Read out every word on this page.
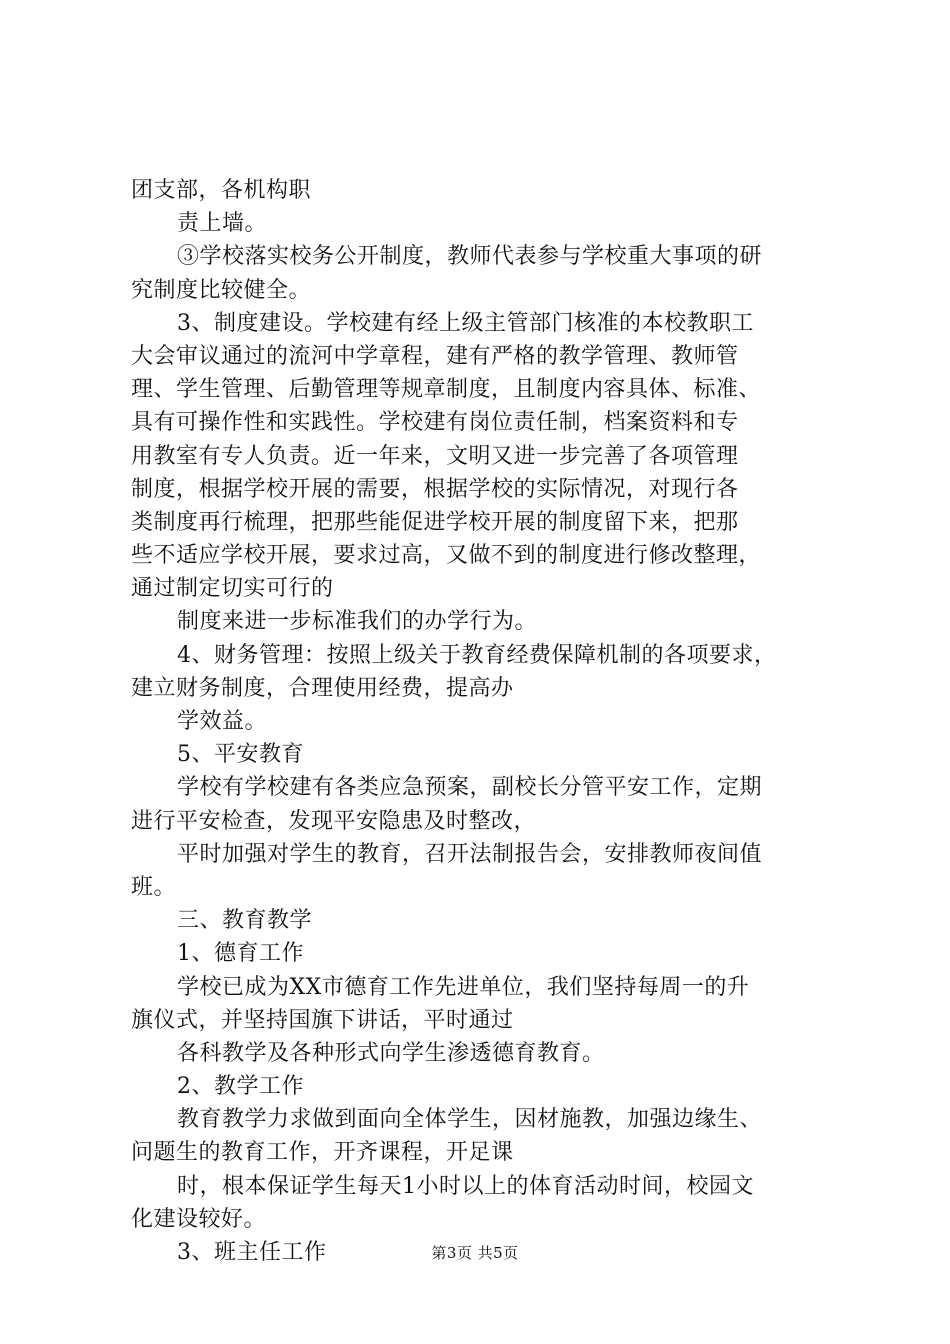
团支部，各机构职
责上墙。
③学校落实校务公开制度，教师代表参与学校重大事项的研
究制度比较健全。
3、制度建设。学校建有经上级主管部门核准的本校教职工
大会审议通过的流河中学章程，建有严格的教学管理、教师管
理、学生管理、后勤管理等规章制度，且制度内容具体、标准、
具有可操作性和实践性。学校建有岗位责任制，档案资料和专
用教室有专人负责。近一年来，文明又进一步完善了各项管理
制度，根据学校开展的需要，根据学校的实际情况，对现行各
类制度再行梳理，把那些能促进学校开展的制度留下来，把那
些不适应学校开展，要求过高，又做不到的制度进行修改整理，
通过制定切实可行的
制度来进一步标准我们的办学行为。
4、财务管理：按照上级关于教育经费保障机制的各项要求，
建立财务制度，合理使用经费，提高办
学效益。
5、平安教育
学校有学校建有各类应急预案，副校长分管平安工作，定期
进行平安检查，发现平安隐患及时整改，
平时加强对学生的教育，召开法制报告会，安排教师夜间值
班。
三、教育教学
1、德育工作
学校已成为XX市德育工作先进单位，我们坚持每周一的升
旗仪式，并坚持国旗下讲话，平时通过
各科教学及各种形式向学生渗透德育教育。
2、教学工作
教育教学力求做到面向全体学生，因材施教，加强边缘生、
问题生的教育工作，开齐课程，开足课
时，根本保证学生每天1小时以上的体育活动时间，校园文
化建设较好。
3、班主任工作	第3页 共5页
